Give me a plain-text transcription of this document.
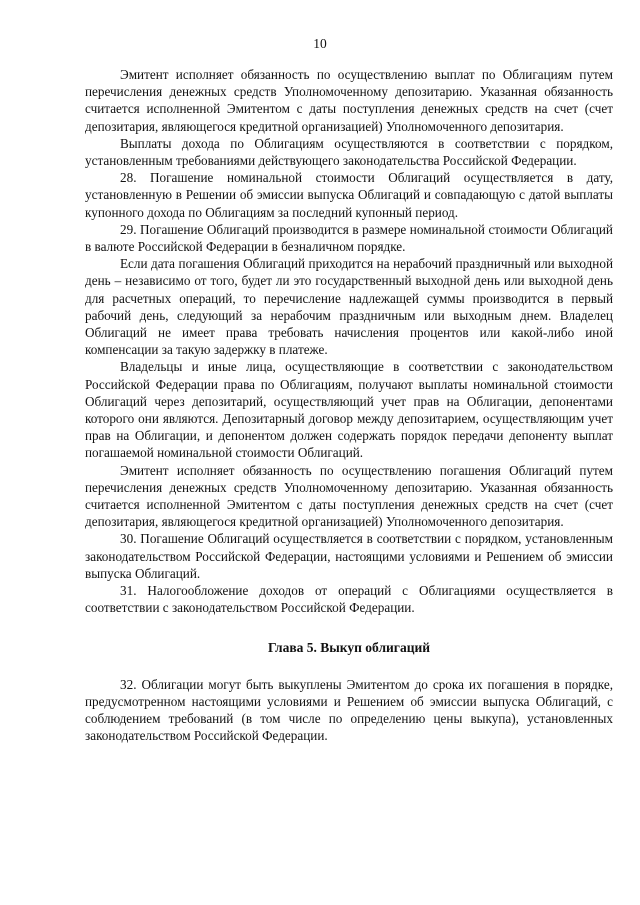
10

Эмитент исполняет обязанность по осуществлению выплат по Облигациям путем перечисления денежных средств Уполномоченному депозитарию. Указанная обязанность считается исполненной Эмитентом с даты поступления денежных средств на счет (счет депозитария, являющегося кредитной организацией) Уполномоченного депозитария.

Выплаты дохода по Облигациям осуществляются в соответствии с порядком, установленным требованиями действующего законодательства Российской Федерации.

28. Погашение номинальной стоимости Облигаций осуществляется в дату, установленную в Решении об эмиссии выпуска Облигаций и совпадающую с датой выплаты купонного дохода по Облигациям за последний купонный период.

29. Погашение Облигаций производится в размере номинальной стоимости Облигаций в валюте Российской Федерации в безналичном порядке.

Если дата погашения Облигаций приходится на нерабочий праздничный или выходной день – независимо от того, будет ли это государственный выходной день или выходной день для расчетных операций, то перечисление надлежащей суммы производится в первый рабочий день, следующий за нерабочим праздничным или выходным днем. Владелец Облигаций не имеет права требовать начисления процентов или какой-либо иной компенсации за такую задержку в платеже.

Владельцы и иные лица, осуществляющие в соответствии с законодательством Российской Федерации права по Облигациям, получают выплаты номинальной стоимости Облигаций через депозитарий, осуществляющий учет прав на Облигации, депонентами которого они являются. Депозитарный договор между депозитарием, осуществляющим учет прав на Облигации, и депонентом должен содержать порядок передачи депоненту выплат погашаемой номинальной стоимости Облигаций.

Эмитент исполняет обязанность по осуществлению погашения Облигаций путем перечисления денежных средств Уполномоченному депозитарию. Указанная обязанность считается исполненной Эмитентом с даты поступления денежных средств на счет (счет депозитария, являющегося кредитной организацией) Уполномоченного депозитария.

30. Погашение Облигаций осуществляется в соответствии с порядком, установленным законодательством Российской Федерации, настоящими условиями и Решением об эмиссии выпуска Облигаций.

31. Налогообложение доходов от операций с Облигациями осуществляется в соответствии с законодательством Российской Федерации.

Глава 5. Выкуп облигаций

32. Облигации могут быть выкуплены Эмитентом до срока их погашения в порядке, предусмотренном настоящими условиями и Решением об эмиссии выпуска Облигаций, с соблюдением требований (в том числе по определению цены выкупа), установленных законодательством Российской Федерации.
